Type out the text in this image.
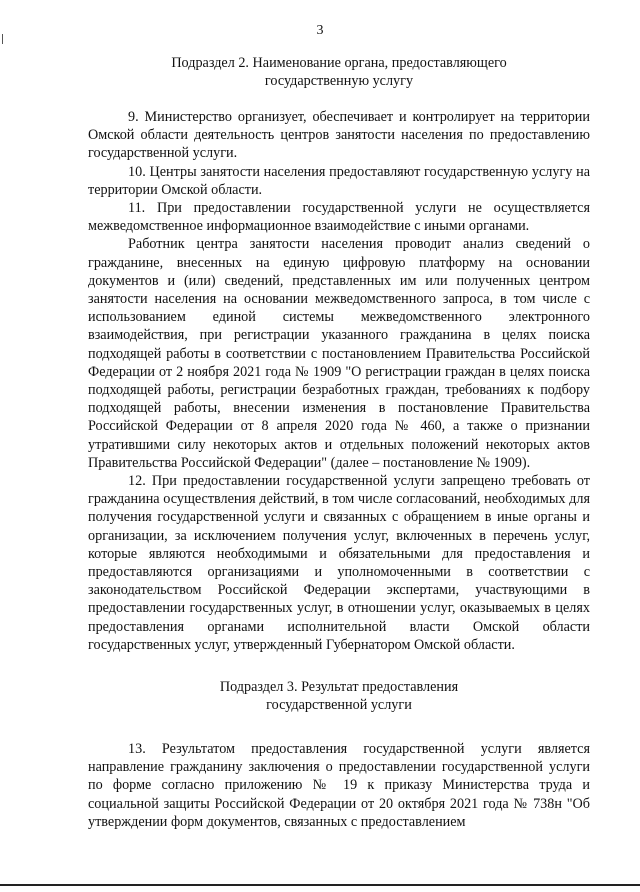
3
Подраздел 2. Наименование органа, предоставляющего
государственную услугу

9. Министерство организует, обеспечивает и контролирует на территории Омской области деятельность центров занятости населения по предоставлению государственной услуги.

10. Центры занятости населения предоставляют государственную услугу на территории Омской области.

11. При предоставлении государственной услуги не осуществляется межведомственное информационное взаимодействие с иными органами.

Работник центра занятости населения проводит анализ сведений о гражданине, внесенных на единую цифровую платформу на основании документов и (или) сведений, представленных им или полученных центром занятости населения на основании межведомственного запроса, в том числе с использованием единой системы межведомственного электронного взаимодействия, при регистрации указанного гражданина в целях поиска подходящей работы в соответствии с постановлением Правительства Российской Федерации от 2 ноября 2021 года № 1909 "О регистрации граждан в целях поиска подходящей работы, регистрации безработных граждан, требованиях к подбору подходящей работы, внесении изменения в постановление Правительства Российской Федерации от 8 апреля 2020 года № 460, а также о признании утратившими силу некоторых актов и отдельных положений некоторых актов Правительства Российской Федерации" (далее – постановление № 1909).

12. При предоставлении государственной услуги запрещено требовать от гражданина осуществления действий, в том числе согласований, необходимых для получения государственной услуги и связанных с обращением в иные органы и организации, за исключением получения услуг, включенных в перечень услуг, которые являются необходимыми и обязательными для предоставления и предоставляются организациями и уполномоченными в соответствии с законодательством Российской Федерации экспертами, участвующими в предоставлении государственных услуг, в отношении услуг, оказываемых в целях предоставления органами исполнительной власти Омской области государственных услуг, утвержденный Губернатором Омской области.

Подраздел 3. Результат предоставления
государственной услуги

13. Результатом предоставления государственной услуги является направление гражданину заключения о предоставлении государственной услуги по форме согласно приложению № 19 к приказу Министерства труда и социальной защиты Российской Федерации от 20 октября 2021 года № 738н "Об утверждении форм документов, связанных с предоставлением
